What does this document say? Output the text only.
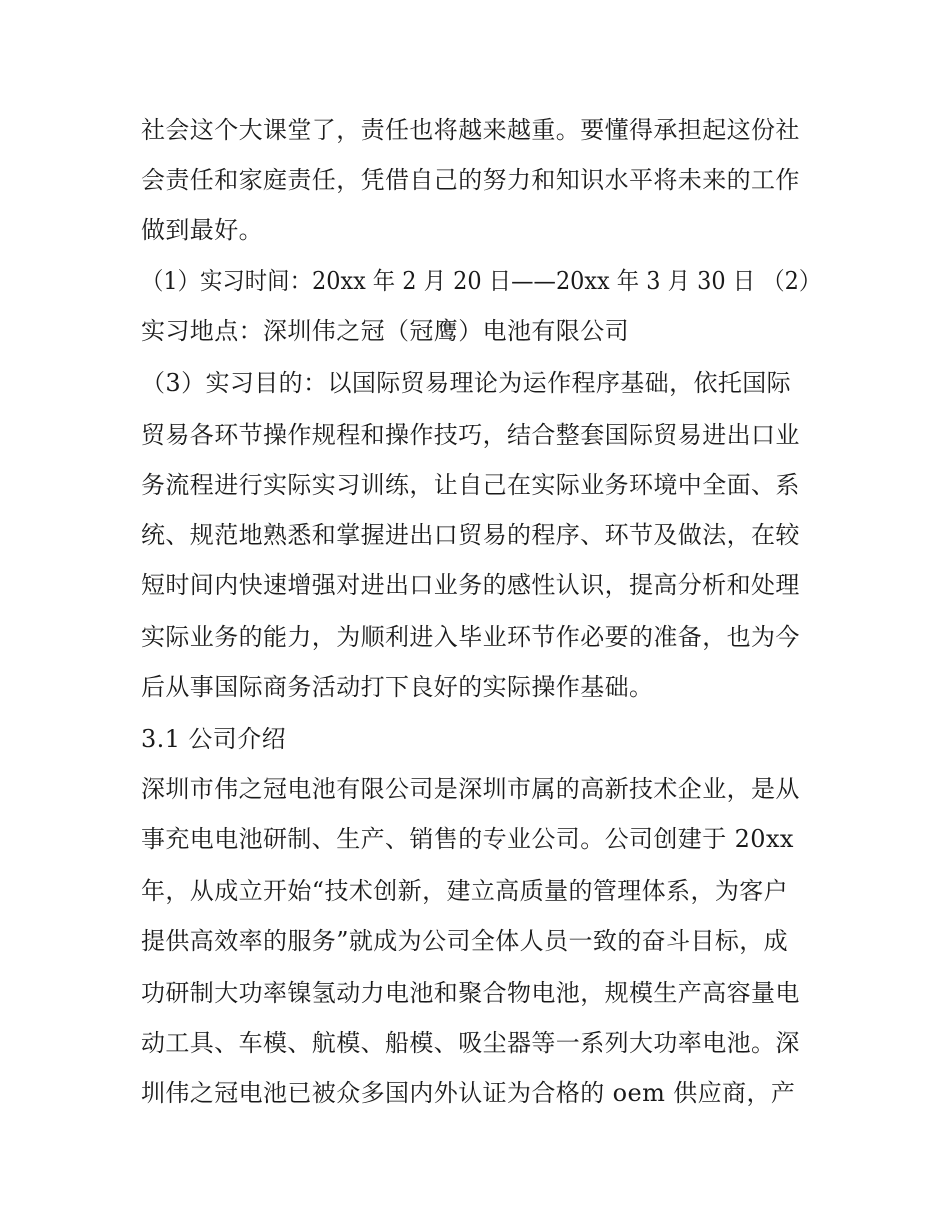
社会这个大课堂了，责任也将越来越重。要懂得承担起这份社
会责任和家庭责任，凭借自己的努力和知识水平将未来的工作
做到最好。
（1）实习时间：20xx 年 2 月 20 日——20xx 年 3 月 30 日 （2）
实习地点：深圳伟之冠（冠鹰）电池有限公司
（3）实习目的：以国际贸易理论为运作程序基础，依托国际
贸易各环节操作规程和操作技巧，结合整套国际贸易进出口业
务流程进行实际实习训练，让自己在实际业务环境中全面、系
统、规范地熟悉和掌握进出口贸易的程序、环节及做法，在较
短时间内快速增强对进出口业务的感性认识，提高分析和处理
实际业务的能力，为顺利进入毕业环节作必要的准备，也为今
后从事国际商务活动打下良好的实际操作基础。
3.1 公司介绍
深圳市伟之冠电池有限公司是深圳市属的高新技术企业，是从
事充电电池研制、生产、销售的专业公司。公司创建于 20xx
年，从成立开始“技术创新，建立高质量的管理体系，为客户
提供高效率的服务”就成为公司全体人员一致的奋斗目标，成
功研制大功率镍氢动力电池和聚合物电池，规模生产高容量电
动工具、车模、航模、船模、吸尘器等一系列大功率电池。深
圳伟之冠电池已被众多国内外认证为合格的 oem 供应商，产
